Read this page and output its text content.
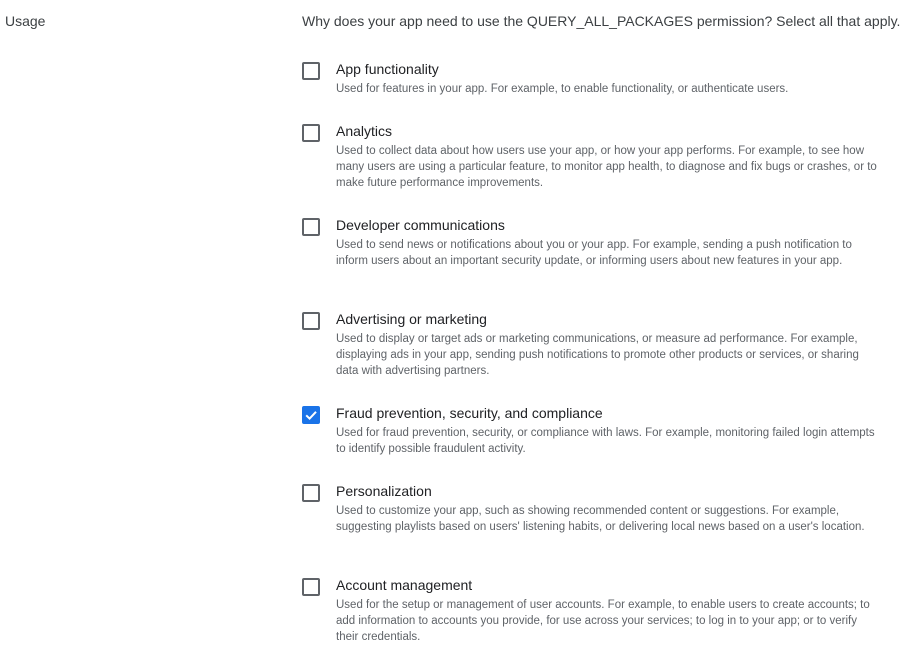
Usage	Why does your app need to use the QUERY_ALL_PACKAGES permission? Select all that apply.
App functionality
Used for features in your app. For example, to enable functionality, or authenticate users.
Analytics
Used to collect data about how users use your app, or how your app performs. For example, to see how many users are using a particular feature, to monitor app health, to diagnose and fix bugs or crashes, or to make future performance improvements.
Developer communications
Used to send news or notifications about you or your app. For example, sending a push notification to inform users about an important security update, or informing users about new features in your app.
Advertising or marketing
Used to display or target ads or marketing communications, or measure ad performance. For example, displaying ads in your app, sending push notifications to promote other products or services, or sharing data with advertising partners.
Fraud prevention, security, and compliance
Used for fraud prevention, security, or compliance with laws. For example, monitoring failed login attempts to identify possible fraudulent activity.
Personalization
Used to customize your app, such as showing recommended content or suggestions. For example, suggesting playlists based on users' listening habits, or delivering local news based on a user's location.
Account management
Used for the setup or management of user accounts. For example, to enable users to create accounts; to add information to accounts you provide, for use across your services; to log in to your app; or to verify their credentials.
